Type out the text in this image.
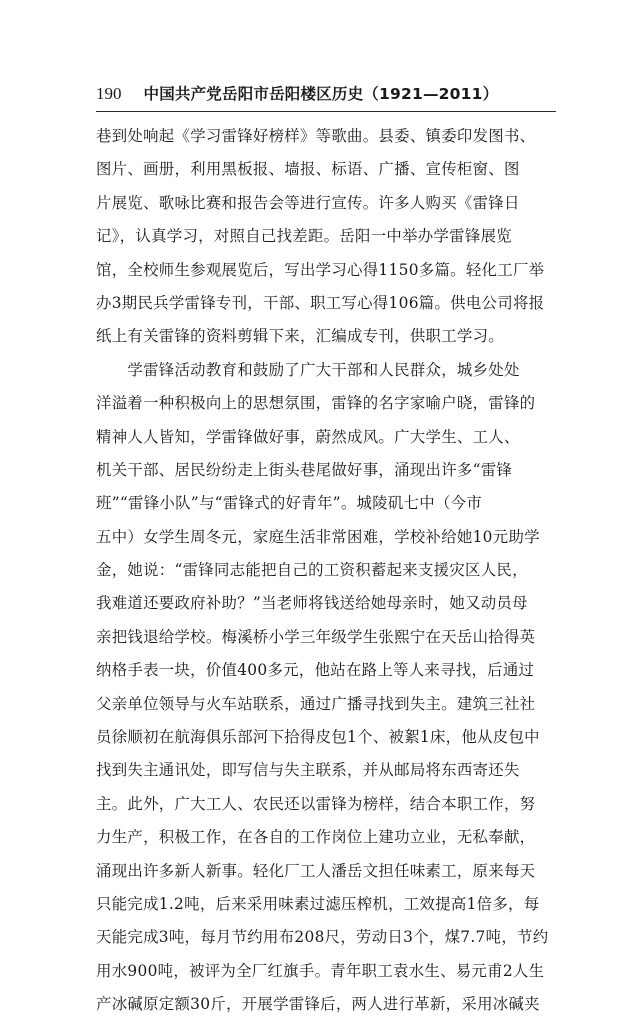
190 中国共产党岳阳市岳阳楼区历史（1921—2011）
巷到处响起《学习雷锋好榜样》等歌曲。县委、镇委印发图书、
图片、画册，利用黑板报、墙报、标语、广播、宣传柜窗、图
片展览、歌咏比赛和报告会等进行宣传。许多人购买《雷锋日
记》，认真学习，对照自己找差距。岳阳一中举办学雷锋展览
馆，全校师生参观展览后，写出学习心得1150多篇。轻化工厂举
办3期民兵学雷锋专刊，干部、职工写心得106篇。供电公司将报
纸上有关雷锋的资料剪辑下来，汇编成专刊，供职工学习。
　　学雷锋活动教育和鼓励了广大干部和人民群众，城乡处处
洋溢着一种积极向上的思想氛围，雷锋的名字家喻户晓，雷锋的
精神人人皆知，学雷锋做好事，蔚然成风。广大学生、工人、
机关干部、居民纷纷走上街头巷尾做好事，涌现出许多“雷锋
班”“雷锋小队”与“雷锋式的好青年”。城陵矶七中（今市
五中）女学生周冬元，家庭生活非常困难，学校补给她10元助学
金，她说：“雷锋同志能把自己的工资积蓄起来支援灾区人民，
我难道还要政府补助？”当老师将钱送给她母亲时，她又动员母
亲把钱退给学校。梅溪桥小学三年级学生张熙宁在天岳山拾得英
纳格手表一块，价值400多元，他站在路上等人来寻找，后通过
父亲单位领导与火车站联系，通过广播寻找到失主。建筑三社社
员徐顺初在航海俱乐部河下拾得皮包1个、被絮1床，他从皮包中
找到失主通讯处，即写信与失主联系，并从邮局将东西寄还失
主。此外，广大工人、农民还以雷锋为榜样，结合本职工作，努
力生产，积极工作，在各自的工作岗位上建功立业，无私奉献，
涌现出许多新人新事。轻化厂工人潘岳文担任味素工，原来每天
只能完成1.2吨，后来采用味素过滤压榨机，工效提高1倍多，每
天能完成3吨，每月节约用布208尺，劳动日3个，煤7.7吨，节约
用水900吨，被评为全厂红旗手。青年职工袁水生、易元甫2人生
产冰碱原定额30斤，开展学雷锋后，两人进行革新，采用冰碱夹
